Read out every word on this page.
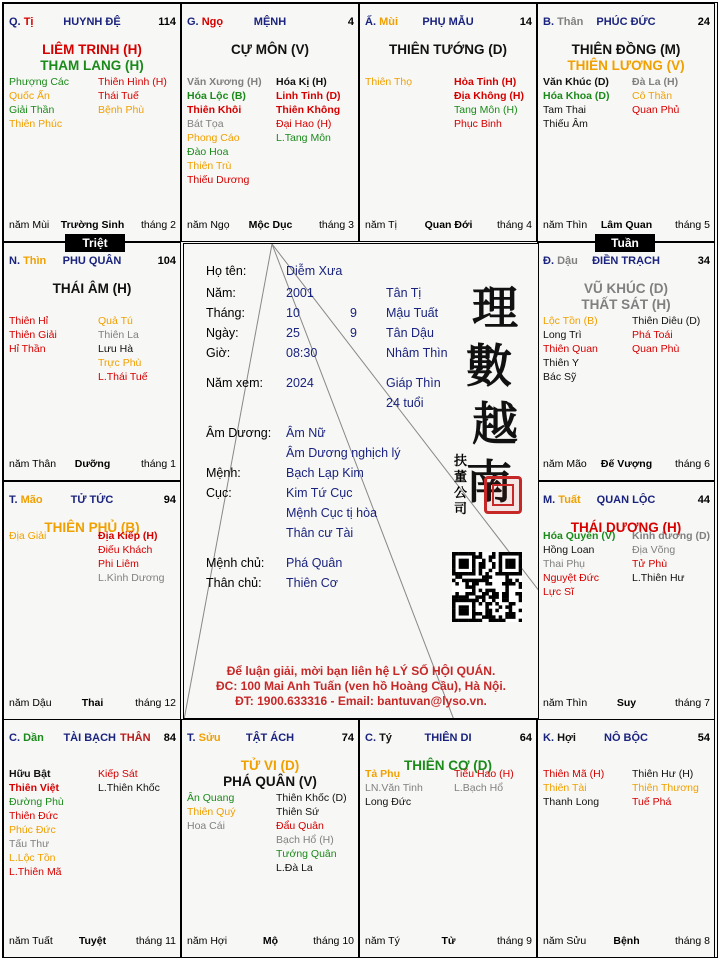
Q. Tị	HUYNH ĐỆ	114
LIÊM TRINH (H)
THAM LANG (H)
Phượng Các
Quốc Ấn
Giải Thần
Thiên Phúc
Thiên Hình (H)
Thái Tuế
Bệnh Phù
năm Mùi	Trường Sinh	tháng 2
G. Ngọ	MỆNH	4
CỰ MÔN (V)
Văn Xương (H)
Hóa Lộc (B)
Thiên Khôi
Bát Tọa
Phong Cáo
Đào Hoa
Thiên Trù
Thiếu Dương
Hóa Kị (H)
Linh Tinh (D)
Thiên Không
Đại Hao (H)
L.Tang Môn
năm Ngọ	Mộc Dục	tháng 3
Ấ. Mùi	PHỤ MẪU	14
THIÊN TƯỚNG (D)
Thiên Thọ	Hỏa Tinh (H)
Địa Không (H)
Tang Môn (H)
Phục Binh
năm Tị	Quan Đới	tháng 4
B. Thân	PHÚC ĐỨC	24
THIÊN ĐỒNG (M)
THIÊN LƯƠNG (V)
Văn Khúc (D)
Hóa Khoa (D)
Tam Thai
Thiếu Âm
Đà La (H)
Cô Thần
Quan Phủ
năm Thìn	Lâm Quan	tháng 5
N. Thìn	PHU QUÂN	104
THÁI ÂM (H)
Thiên Hỉ
Thiên Giải
Hỉ Thần
Quả Tú
Thiên La
Lưu Hà
Trực Phù
L.Thái Tuế
năm Thân	Dưỡng	tháng 1
Đ. Dậu	ĐIỀN TRẠCH	34
VŨ KHÚC (D)
THẤT SÁT (H)
Lộc Tồn (B)
Long Trì
Thiên Quan
Thiên Y
Bác Sỹ
Thiên Diêu (D)
Phá Toái
Quan Phù
năm Mão	Đế Vượng	tháng 6
T. Mão	TỬ TỨC	94
THIÊN PHỦ (B)
Địa Giải	Địa Kiếp (H)
Điếu Khách
Phi Liêm
L.Kình Dương
năm Dậu	Thai	tháng 12
M. Tuất	QUAN LỘC	44
THÁI DƯƠNG (H)
Hóa Quyền (V)
Hồng Loan
Thai Phụ
Nguyệt Đức
Lực Sĩ
Kình dương (D)
Địa Võng
Tử Phù
L.Thiên Hư
năm Thìn	Suy	tháng 7
C. Dần	TÀI BẠCH THÂN	84
Hữu Bật
Thiên Việt
Đường Phù
Thiên Đức
Phúc Đức
Tấu Thư
L.Lộc Tồn
L.Thiên Mã
Kiếp Sát
L.Thiên Khốc
năm Tuất	Tuyệt	tháng 11
T. Sửu	TẬT ÁCH	74
TỬ VI (D)
PHÁ QUÂN (V)
Ân Quang
Thiên Quý
Hoa Cái
Thiên Khốc (D)
Thiên Sứ
Đẩu Quân
Bạch Hổ (H)
Tướng Quân
L.Đà La
năm Hợi	Mộ	tháng 10
C. Tý	THIÊN DI	64
THIÊN CƠ (D)
Tả Phụ
LN.Văn Tinh
Long Đức
Tiểu Hao (H)
L.Bạch Hổ
năm Tý	Tử	tháng 9
K. Hợi	NÔ BỘC	54
Thiên Mã (H)
Thiên Tài
Thanh Long
Thiên Hư (H)
Thiên Thương
Tuế Phá
năm Sửu	Bệnh	tháng 8
Triệt	Tuần
Họ tên:	Diễm Xưa
Năm:	2001	Tân Tị
Tháng:	10	9 Mậu Tuất
Ngày:	25	9 Tân Dậu
Giờ:	08:30	Nhâm Thìn
Năm xem: 2024	Giáp Thìn
24 tuổi
Âm Dương: Âm Nữ
Âm Dương nghịch lý
Mệnh:	Bạch Lạp Kim
Cục:	Kim Tứ Cục
Mệnh Cục tị hòa
Thân cư Tài
Mệnh chủ: Phá Quân
Thân chủ: Thiên Cơ
理
數
越
南
扶董公司
Để luận giải, mời bạn liên hệ LÝ SỐ HỘI QUÁN.
ĐC: 100 Mai Anh Tuấn (ven hồ Hoàng Cầu), Hà Nội.
ĐT: 1900.633316 - Email: bantuvan@lyso.vn.
